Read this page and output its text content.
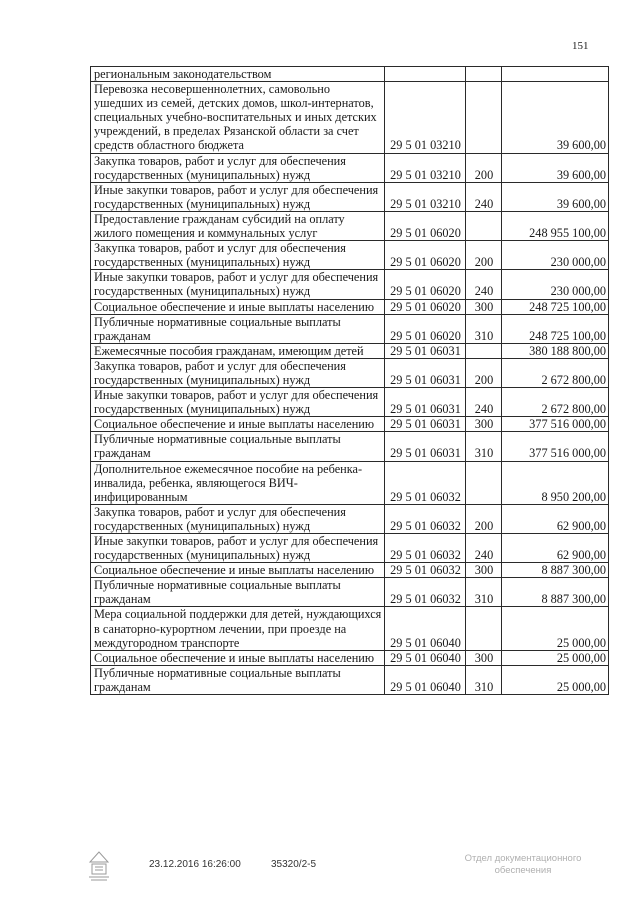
151
региональным законодательством			
Перевозка несовершеннолетних, самовольно ушедших из семей, детских домов, школ-интернатов, специальных учебно-воспитательных и иных детских учреждений, в пределах Рязанской области за счет средств областного бюджета	29 5 01 03210		39 600,00
Закупка товаров, работ и услуг для обеспечения государственных (муниципальных) нужд	29 5 01 03210	200	39 600,00
Иные закупки товаров, работ и услуг для обеспечения государственных (муниципальных) нужд	29 5 01 03210	240	39 600,00
Предоставление гражданам субсидий на оплату жилого помещения и коммунальных услуг	29 5 01 06020		248 955 100,00
Закупка товаров, работ и услуг для обеспечения государственных (муниципальных) нужд	29 5 01 06020	200	230 000,00
Иные закупки товаров, работ и услуг для обеспечения государственных (муниципальных) нужд	29 5 01 06020	240	230 000,00
Социальное обеспечение и иные выплаты населению	29 5 01 06020	300	248 725 100,00
Публичные нормативные социальные выплаты гражданам	29 5 01 06020	310	248 725 100,00
Ежемесячные пособия гражданам, имеющим детей	29 5 01 06031		380 188 800,00
Закупка товаров, работ и услуг для обеспечения государственных (муниципальных) нужд	29 5 01 06031	200	2 672 800,00
Иные закупки товаров, работ и услуг для обеспечения государственных (муниципальных) нужд	29 5 01 06031	240	2 672 800,00
Социальное обеспечение и иные выплаты населению	29 5 01 06031	300	377 516 000,00
Публичные нормативные социальные выплаты гражданам	29 5 01 06031	310	377 516 000,00
Дополнительное ежемесячное пособие на ребенка-инвалида, ребенка, являющегося ВИЧ-инфицированным	29 5 01 06032		8 950 200,00
Закупка товаров, работ и услуг для обеспечения государственных (муниципальных) нужд	29 5 01 06032	200	62 900,00
Иные закупки товаров, работ и услуг для обеспечения государственных (муниципальных) нужд	29 5 01 06032	240	62 900,00
Социальное обеспечение и иные выплаты населению	29 5 01 06032	300	8 887 300,00
Публичные нормативные социальные выплаты гражданам	29 5 01 06032	310	8 887 300,00
Мера социальной поддержки для детей, нуждающихся в санаторно-курортном лечении, при проезде на междугородном транспорте	29 5 01 06040		25 000,00
Социальное обеспечение и иные выплаты населению	29 5 01 06040	300	25 000,00
Публичные нормативные социальные выплаты гражданам	29 5 01 06040	310	25 000,00
23.12.2016 16:26:00	35320/2-5
Отдел документационного
обеспечения
